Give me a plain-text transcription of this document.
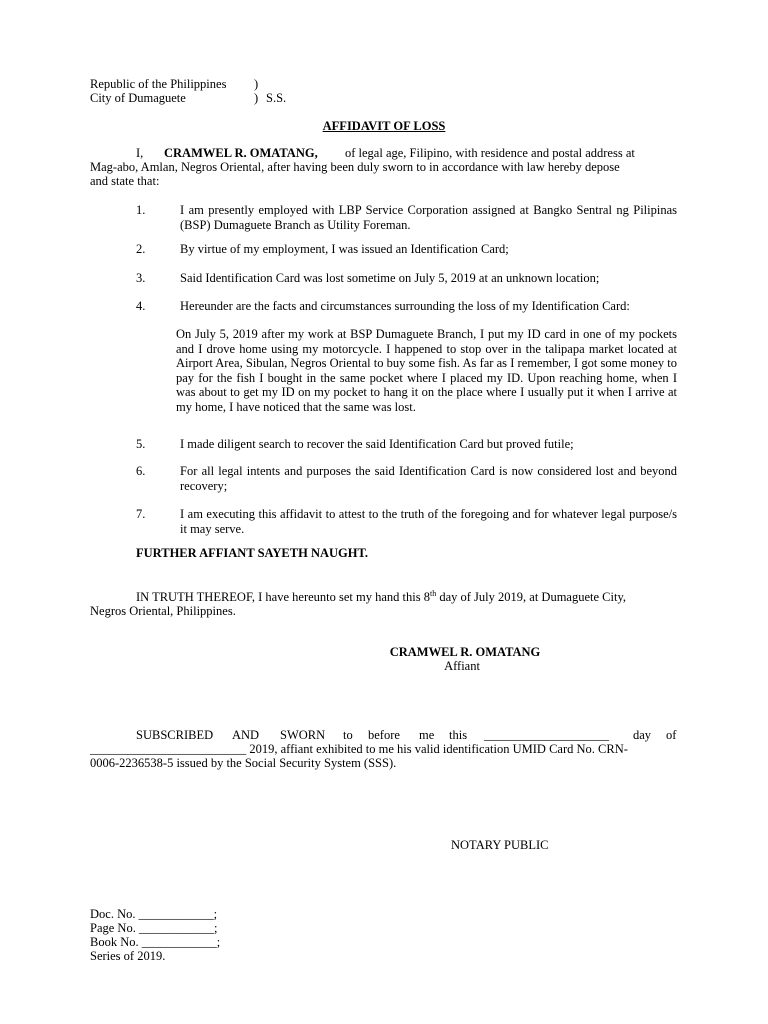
Republic of the Philippines )
City of Dumaguete	) S.S.
AFFIDAVIT OF LOSS
I, CRAMWEL R. OMATANG, of legal age, Filipino, with residence and postal address at
Mag-abo, Amlan, Negros Oriental, after having been duly sworn to in accordance with law hereby depose
and state that:
1.	I am presently employed with LBP Service Corporation assigned at Bangko Sentral ng Pilipinas (BSP) Dumaguete Branch as Utility Foreman.
2.	By virtue of my employment, I was issued an Identification Card;
3.	Said Identification Card was lost sometime on July 5, 2019 at an unknown location;
4.	Hereunder are the facts and circumstances surrounding the loss of my Identification Card:
On July 5, 2019 after my work at BSP Dumaguete Branch, I put my ID card in one of my pockets and I drove home using my motorcycle. I happened to stop over in the talipapa market located at Airport Area, Sibulan, Negros Oriental to buy some fish. As far as I remember, I got some money to pay for the fish I bought in the same pocket where I placed my ID. Upon reaching home, when I was about to get my ID on my pocket to hang it on the place where I usually put it when I arrive at my home, I have noticed that the same was lost.
5.	I made diligent search to recover the said Identification Card but proved futile;
6.	For all legal intents and purposes the said Identification Card is now considered lost and beyond recovery;
7.	I am executing this affidavit to attest to the truth of the foregoing and for whatever legal purpose/s it may serve.
FURTHER AFFIANT SAYETH NAUGHT.
IN TRUTH THEREOF, I have hereunto set my hand this 8th day of July 2019, at Dumaguete City,
Negros Oriental, Philippines.
CRAMWEL R. OMATANG
Affiant
SUBSCRIBED AND SWORN to before me this ____________________ day of
_________________________ 2019, affiant exhibited to me his valid identification UMID Card No. CRN-
0006-2236538-5 issued by the Social Security System (SSS).
NOTARY PUBLIC
Doc. No. ____________;
Page No. ____________;
Book No. ____________;
Series of 2019.
